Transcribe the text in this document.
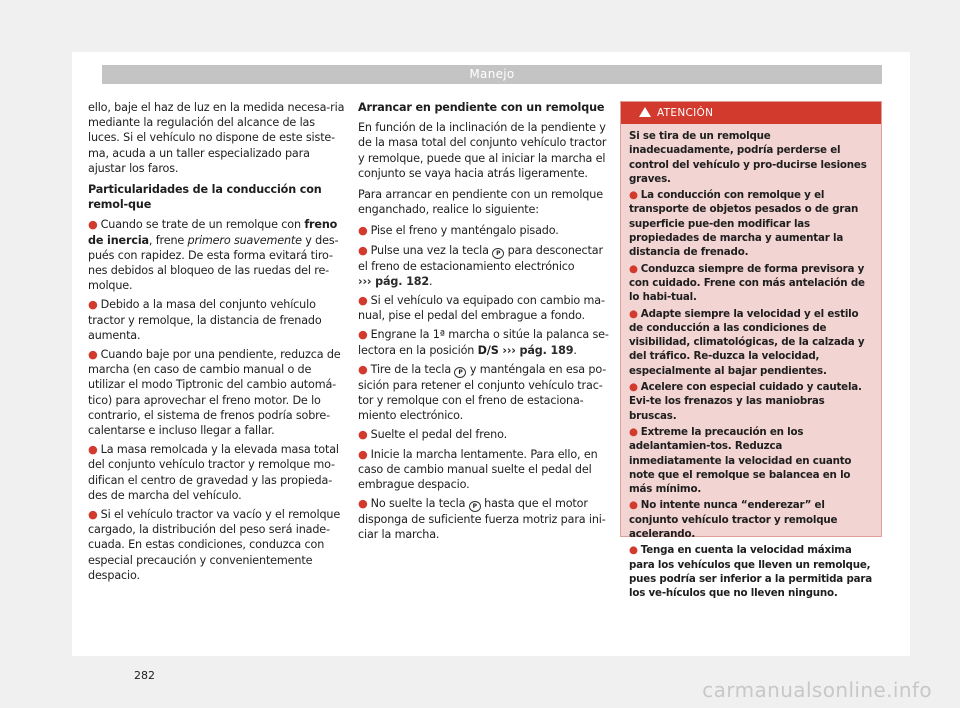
Manejo

ello, baje el haz de luz en la medida necesa-ria mediante la regulación del alcance de las luces. Si el vehículo no dispone de este siste-ma, acuda a un taller especializado para ajustar los faros.

Particularidades de la conducción con remol-que

● Cuando se trate de un remolque con freno de inercia, frene primero suavemente y des-pués con rapidez. De esta forma evitará tiro-nes debidos al bloqueo de las ruedas del re-molque.

● Debido a la masa del conjunto vehículo tractor y remolque, la distancia de frenado aumenta.

● Cuando baje por una pendiente, reduzca de marcha (en caso de cambio manual o de utilizar el modo Tiptronic del cambio automá-tico) para aprovechar el freno motor. De lo contrario, el sistema de frenos podría sobre-calentarse e incluso llegar a fallar.

● La masa remolcada y la elevada masa total del conjunto vehículo tractor y remolque mo-difican el centro de gravedad y las propieda-des de marcha del vehículo.

● Si el vehículo tractor va vacío y el remolque cargado, la distribución del peso será inade-cuada. En estas condiciones, conduzca con especial precaución y convenientemente despacio.

Arrancar en pendiente con un remolque

En función de la inclinación de la pendiente y de la masa total del conjunto vehículo tractor y remolque, puede que al iniciar la marcha el conjunto se vaya hacia atrás ligeramente.

Para arrancar en pendiente con un remolque enganchado, realice lo siguiente:

● Pise el freno y manténgalo pisado.

● Pulse una vez la tecla P para desconectar el freno de estacionamiento electrónico
››› pág. 182.

● Si el vehículo va equipado con cambio ma-nual, pise el pedal del embrague a fondo.

● Engrane la 1ª marcha o sitúe la palanca se-lectora en la posición D/S ››› pág. 189.

● Tire de la tecla P y manténgala en esa po-sición para retener el conjunto vehículo trac-tor y remolque con el freno de estaciona-miento electrónico.

● Suelte el pedal del freno.

● Inicie la marcha lentamente. Para ello, en caso de cambio manual suelte el pedal del embrague despacio.

● No suelte la tecla P hasta que el motor disponga de suficiente fuerza motriz para ini-ciar la marcha.

ATENCIÓN

Si se tira de un remolque inadecuadamente, podría perderse el control del vehículo y pro-ducirse lesiones graves.

● La conducción con remolque y el transporte de objetos pesados o de gran superficie pue-den modificar las propiedades de marcha y aumentar la distancia de frenado.

● Conduzca siempre de forma previsora y con cuidado. Frene con más antelación de lo habi-tual.

● Adapte siempre la velocidad y el estilo de conducción a las condiciones de visibilidad, climatológicas, de la calzada y del tráfico. Re-duzca la velocidad, especialmente al bajar pendientes.

● Acelere con especial cuidado y cautela. Evi-te los frenazos y las maniobras bruscas.

● Extreme la precaución en los adelantamien-tos. Reduzca inmediatamente la velocidad en cuanto note que el remolque se balancea en lo más mínimo.

● No intente nunca “enderezar” el conjunto vehículo tractor y remolque acelerando.

● Tenga en cuenta la velocidad máxima para los vehículos que lleven un remolque, pues podría ser inferior a la permitida para los ve-hículos que no lleven ninguno.

282
carmanualsonline.info
